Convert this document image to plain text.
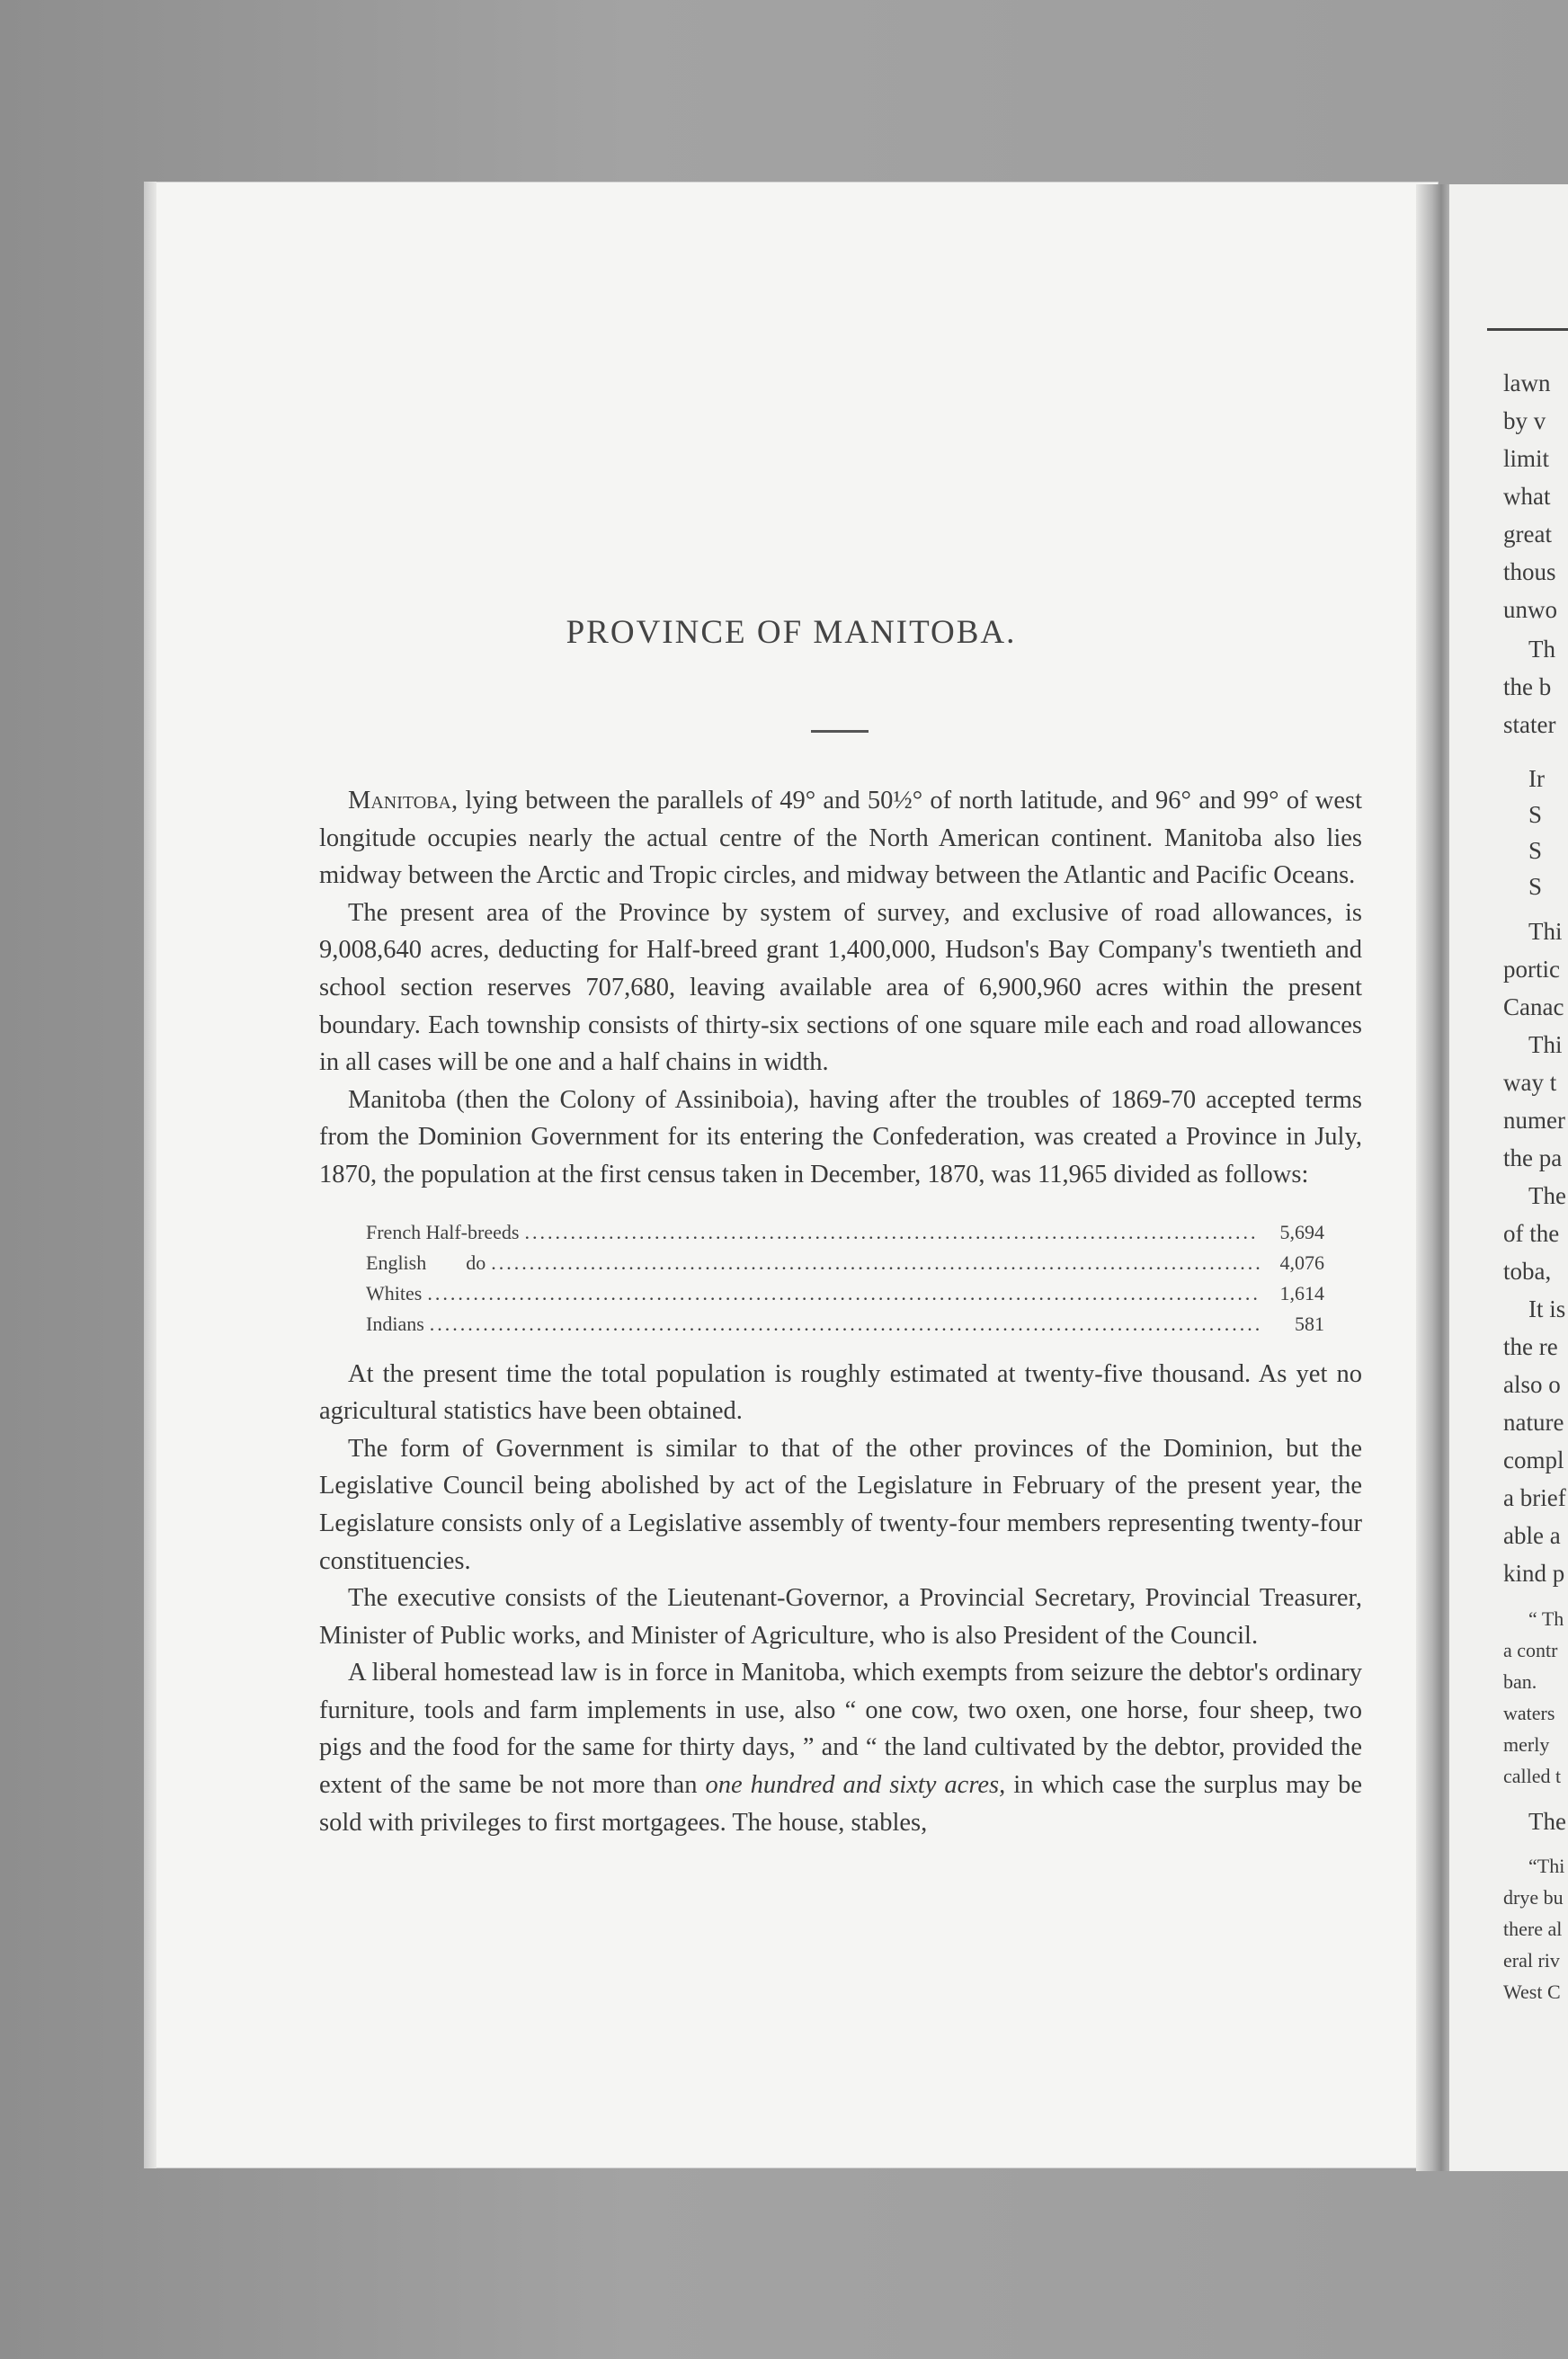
PROVINCE OF MANITOBA.

Manitoba, lying between the parallels of 49° and 50½° of north latitude, and 96° and 99° of west longitude occupies nearly the actual centre of the North American continent. Manitoba also lies midway between the Arctic and Tropic circles, and midway between the Atlantic and Pacific Oceans.

The present area of the Province by system of survey, and exclusive of road allowances, is 9,008,640 acres, deducting for Half-breed grant 1,400,000, Hudson's Bay Company's twentieth and school section reserves 707,680, leaving available area of 6,900,960 acres within the present boundary. Each township consists of thirty-six sections of one square mile each and road allowances in all cases will be one and a half chains in width.

Manitoba (then the Colony of Assiniboia), having after the troubles of 1869-70 accepted terms from the Dominion Government for its entering the Confederation, was created a Province in July, 1870, the population at the first census taken in December, 1870, was 11,965 divided as follows:

French Half-breeds .....	5,694
English        do .....	4,076
Whites .....	1,614
Indians .....	581

At the present time the total population is roughly estimated at twenty-five thousand. As yet no agricultural statistics have been obtained.

The form of Government is similar to that of the other provinces of the Dominion, but the Legislative Council being abolished by act of the Legislature in February of the present year, the Legislature consists only of a Legislative assembly of twenty-four members representing twenty-four constituencies.

The executive consists of the Lieutenant-Governor, a Provincial Secretary, Provincial Treasurer, Minister of Public works, and Minister of Agriculture, who is also President of the Council.

A liberal homestead law is in force in Manitoba, which exempts from seizure the debtor's ordinary furniture, tools and farm implements in use, also “ one cow, two oxen, one horse, four sheep, two pigs and the food for the same for thirty days, ” and “ the land cultivated by the debtor, provided the extent of the same be not more than one hundred and sixty acres, in which case the surplus may be sold with privileges to first mortgagees. The house, stables,

lawn
by v
limit
what
great
thous
unwo
Th
the b
stater
Ir
S
S
S
Thi
portic
Canac
Thi
way t
numer
the pa
The
of the
toba,
It is
the re
also o
nature
compl
a brief
able a
kind p
“ Th
a contr
ban.
waters
merly
called t
The
“Thi
drye bu
there al
eral riv
West C
